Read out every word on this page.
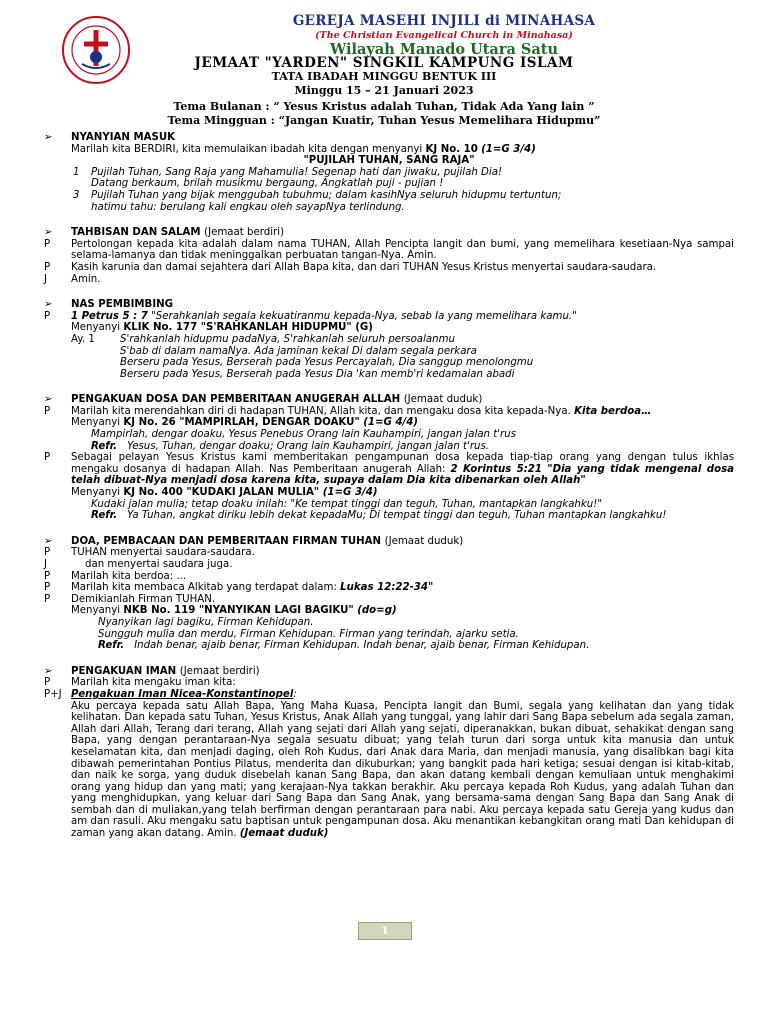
GEREJA MASEHI INJILI di MINAHASA
(The Christian Evangelical Church in Minahasa)
Wilayah Manado Utara Satu
JEMAAT "YARDEN" SINGKIL KAMPUNG ISLAM
TATA IBADAH MINGGU BENTUK III
Minggu 15 – 21 Januari 2023
Tema Bulanan : “ Yesus Kristus adalah Tuhan, Tidak Ada Yang lain ”
Tema Mingguan : “Jangan Kuatir, Tuhan Yesus Memelihara Hidupmu”
➢ NYANYIAN MASUK
Marilah kita BERDIRI, kita memulaikan ibadah kita dengan menyanyi KJ No. 10 (1=G 3/4)
"PUJILAH TUHAN, SANG RAJA"
1 Pujilah Tuhan, Sang Raja yang Mahamulia! Segenap hati dan jiwaku, pujilah Dia!
Datang berkaum, brilah musikmu bergaung, Angkatlah puji - pujian !
3 Pujilah Tuhan yang bijak menggubah tubuhmu; dalam kasihNya seluruh hidupmu tertuntun;
hatimu tahu: berulang kali engkau oleh sayapNya terlindung.
➢ TAHBISAN DAN SALAM (Jemaat berdiri)
P Pertolongan kepada kita adalah dalam nama TUHAN, Allah Pencipta langit dan bumi, yang memelihara kesetiaan-Nya sampai selama-lamanya dan tidak meninggalkan perbuatan tangan-Nya. Amin.
P Kasih karunia dan damai sejahtera dari Allah Bapa kita, dan dari TUHAN Yesus Kristus menyertai saudara-saudara.
J Amin.
➢ NAS PEMBIMBING
P 1 Petrus 5 : 7 "Serahkanlah segala kekuatiranmu kepada-Nya, sebab Ia yang memelihara kamu."
Menyanyi KLIK No. 177 "S'RAHKANLAH HIDUPMU" (G)
Ay. 1 S'rahkanlah hidupmu padaNya, S'rahkanlah seluruh persoalanmu
S'bab di dalam namaNya. Ada jaminan kekal Di dalam segala perkara
Berseru pada Yesus, Berserah pada Yesus Percayalah, Dia sanggup menolongmu
Berseru pada Yesus, Berserah pada Yesus Dia 'kan memb'ri kedamaian abadi
➢ PENGAKUAN DOSA DAN PEMBERITAAN ANUGERAH ALLAH (Jemaat duduk)
P Marilah kita merendahkan diri di hadapan TUHAN, Allah kita, dan mengaku dosa kita kepada-Nya. Kita berdoa…
Menyanyi KJ No. 26 "MAMPIRLAH, DENGAR DOAKU" (1=G 4/4)
Mampirlah, dengar doaku, Yesus Penebus Orang lain Kauhampiri, jangan jalan t'rus
Refr. Yesus, Tuhan, dengar doaku; Orang lain Kauhampiri, jangan jalan t'rus.
P Sebagai pelayan Yesus Kristus kami memberitakan pengampunan dosa kepada tiap-tiap orang yang dengan tulus ikhlas mengaku dosanya di hadapan Allah. Nas Pemberitaan anugerah Allah: 2 Korintus 5:21 "Dia yang tidak mengenal dosa telah dibuat-Nya menjadi dosa karena kita, supaya dalam Dia kita dibenarkan oleh Allah"
Menyanyi KJ No. 400 "KUDAKI JALAN MULIA" (1=G 3/4)
Kudaki jalan mulia; tetap doaku inilah: "Ke tempat tinggi dan teguh, Tuhan, mantapkan langkahku!"
Refr. Ya Tuhan, angkat diriku lebih dekat kepadaMu; Di tempat tinggi dan teguh, Tuhan mantapkan langkahku!
➢ DOA, PEMBACAAN DAN PEMBERITAAN FIRMAN TUHAN (Jemaat duduk)
P TUHAN menyertai saudara-saudara.
J	dan menyertai saudara juga.
P Marilah kita berdoa: ...
P Marilah kita membaca Alkitab yang terdapat dalam: Lukas 12:22-34"
P Demikianlah Firman TUHAN.
Menyanyi NKB No. 119 "NYANYIKAN LAGI BAGIKU" (do=g)
Nyanyikan lagi bagiku, Firman Kehidupan.
Sungguh mulia dan merdu, Firman Kehidupan. Firman yang terindah, ajarku setia.
Refr. Indah benar, ajaib benar, Firman Kehidupan. Indah benar, ajaib benar, Firman Kehidupan.
➢ PENGAKUAN IMAN (Jemaat berdiri)
P Marilah kita mengaku iman kita:
P+J Pengakuan Iman Nicea-Konstantinopel:
Aku percaya kepada satu Allah Bapa, Yang Maha Kuasa, Pencipta langit dan Bumi, segala yang kelihatan dan yang tidak kelihatan. Dan kepada satu Tuhan, Yesus Kristus, Anak Allah yang tunggal, yang lahir dari Sang Bapa sebelum ada segala zaman, Allah dari Allah, Terang dari terang, Allah yang sejati dari Allah yang sejati, diperanakkan, bukan dibuat, sehakikat dengan sang Bapa, yang dengan perantaraan-Nya segala sesuatu dibuat; yang telah turun dari sorga untuk kita manusia dan untuk keselamatan kita, dan menjadi daging, oleh Roh Kudus, dari Anak dara Maria, dan menjadi manusia, yang disalibkan bagi kita dibawah pemerintahan Pontius Pilatus, menderita dan dikuburkan; yang bangkit pada hari ketiga; sesuai dengan isi kitab-kitab, dan naik ke sorga, yang duduk disebelah kanan Sang Bapa, dan akan datang kembali dengan kemuliaan untuk menghakimi orang yang hidup dan yang mati; yang kerajaan-Nya takkan berakhir. Aku percaya kepada Roh Kudus, yang adalah Tuhan dan yang menghidupkan, yang keluar dari Sang Bapa dan Sang Anak, yang bersama-sama dengan Sang Bapa dan Sang Anak di sembah dan di muliakan,yang telah berfirman dengan perantaraan para nabi. Aku percaya kepada satu Gereja yang kudus dan am dan rasuli. Aku mengaku satu baptisan untuk pengampunan dosa. Aku menantikan kebangkitan orang mati Dan kehidupan di zaman yang akan datang. Amin. (Jemaat duduk)
1
